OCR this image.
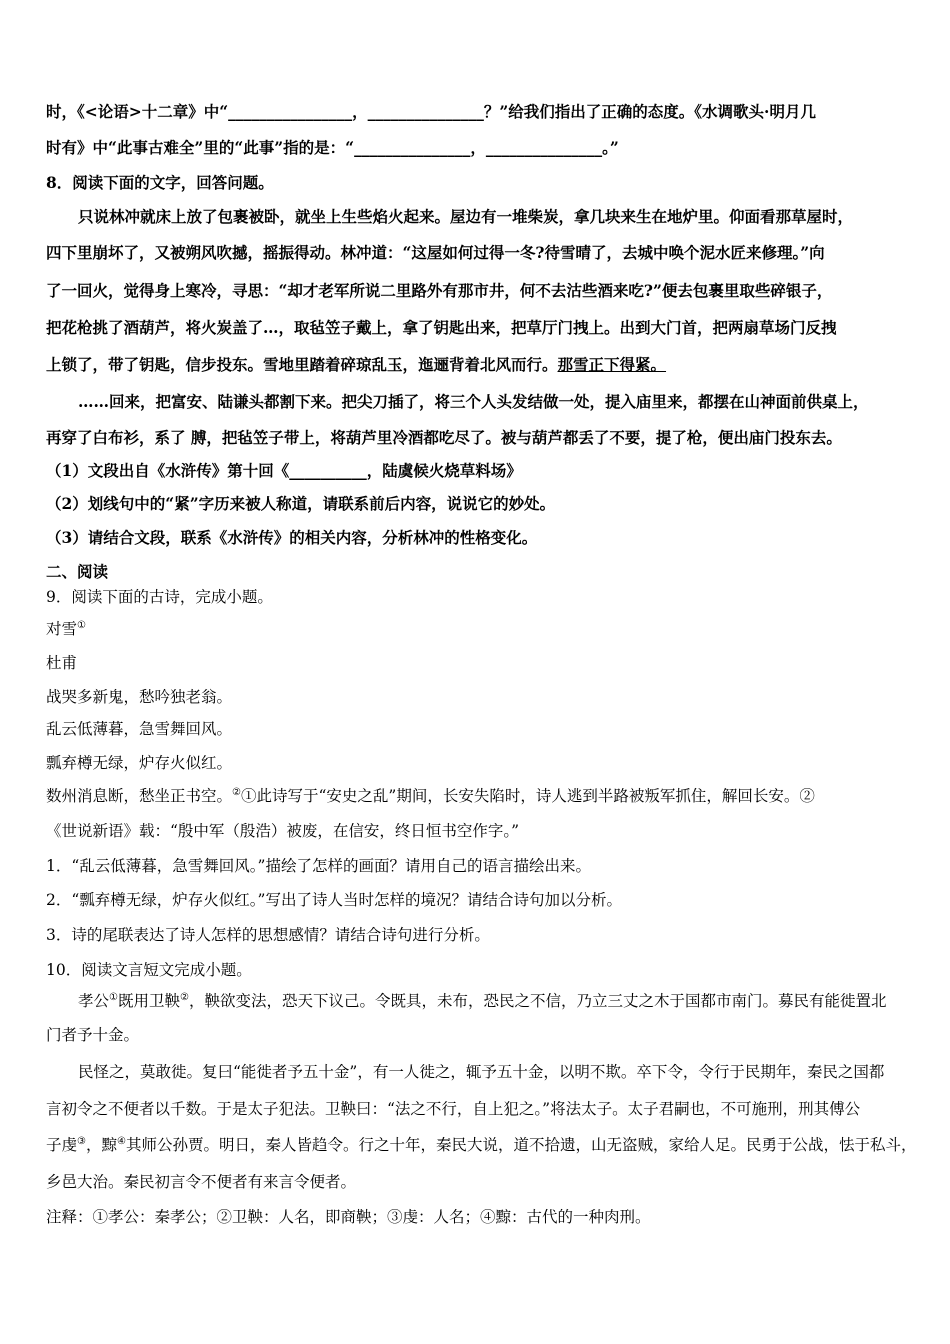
时，《<论语>十二章》中“________________，_______________？”给我们指出了正确的态度。《水调歌头·明月几
时有》中“此事古难全”里的“此事”指的是：“_______________，_______________。”
8．阅读下面的文字，回答问题。
只说林冲就床上放了包裹被卧，就坐上生些焰火起来。屋边有一堆柴炭，拿几块来生在地炉里。仰面看那草屋时，
四下里崩坏了，又被朔风吹撼，摇振得动。林冲道：“这屋如何过得一冬?待雪晴了，去城中唤个泥水匠来修理。”向
了一回火，觉得身上寒冷，寻思：“却才老军所说二里路外有那市井，何不去沽些酒来吃?”便去包裹里取些碎银子，
把花枪挑了酒葫芦，将火炭盖了…，取毡笠子戴上，拿了钥匙出来，把草厅门拽上。出到大门首，把两扇草场门反拽
上锁了，带了钥匙，信步投东。雪地里踏着碎琼乱玉，迤逦背着北风而行。那雪正下得紧。
……回来，把富安、陆谦头都割下来。把尖刀插了，将三个人头发结做一处，提入庙里来，都摆在山神面前供桌上，
再穿了白布衫，系了 膊，把毡笠子带上，将葫芦里冷酒都吃尽了。被与葫芦都丢了不要，提了枪，便出庙门投东去。
（1）文段出自《水浒传》第十回《__________，陆虞候火烧草料场》
（2）划线句中的“紧”字历来被人称道，请联系前后内容，说说它的妙处。
（3）请结合文段，联系《水浒传》的相关内容，分析林冲的性格变化。
二、阅读
9．阅读下面的古诗，完成小题。
对雪①
杜甫
战哭多新鬼，愁吟独老翁。
乱云低薄暮，急雪舞回风。
瓢弃樽无绿，炉存火似红。
数州消息断，愁坐正书空。②①此诗写于“安史之乱”期间，长安失陷时，诗人逃到半路被叛军抓住，解回长安。②
《世说新语》载：“殷中军（殷浩）被废，在信安，终日恒书空作字。”
1．“乱云低薄暮，急雪舞回风。”描绘了怎样的画面？请用自己的语言描绘出来。
2．“瓢弃樽无绿，炉存火似红。”写出了诗人当时怎样的境况？请结合诗句加以分析。
3．诗的尾联表达了诗人怎样的思想感情？请结合诗句进行分析。
10．阅读文言短文完成小题。
孝公①既用卫鞅②，鞅欲变法，恐天下议己。令既具，未布，恐民之不信，乃立三丈之木于国都市南门。募民有能徙置北
门者予十金。
民怪之，莫敢徙。复曰“能徙者予五十金”，有一人徙之，辄予五十金，以明不欺。卒下令，令行于民期年，秦民之国都
言初令之不便者以千数。于是太子犯法。卫鞅曰：“法之不行，自上犯之。”将法太子。太子君嗣也，不可施刑，刑其傅公
子虔③，黥④其师公孙贾。明日，秦人皆趋令。行之十年，秦民大说，道不拾遗，山无盗贼，家给人足。民勇于公战，怯于私斗，
乡邑大治。秦民初言令不便者有来言令便者。
注释：①孝公：秦孝公；②卫鞅：人名，即商鞅；③虔：人名；④黥：古代的一种肉刑。
